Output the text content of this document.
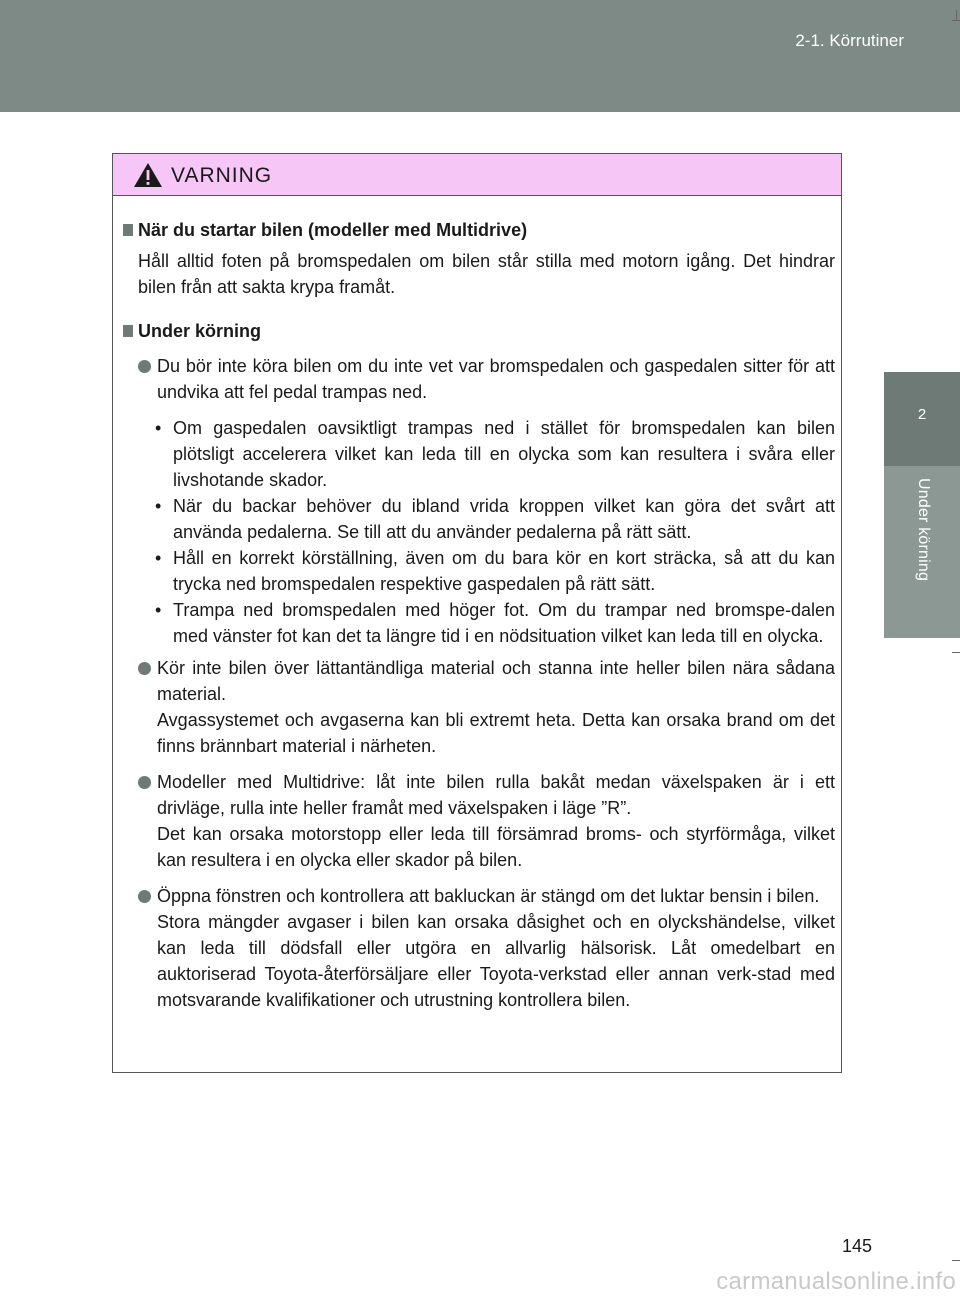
2-1. Körrutiner
2
Under körning
VARNING
När du startar bilen (modeller med Multidrive)
Håll alltid foten på bromspedalen om bilen står stilla med motorn igång. Det hindrar bilen från att sakta krypa framåt.
Under körning
Du bör inte köra bilen om du inte vet var bromspedalen och gaspedalen sitter för att undvika att fel pedal trampas ned.
• Om gaspedalen oavsiktligt trampas ned i stället för bromspedalen kan bilen plötsligt accelerera vilket kan leda till en olycka som kan resultera i svåra eller livshotande skador.
• När du backar behöver du ibland vrida kroppen vilket kan göra det svårt att använda pedalerna. Se till att du använder pedalerna på rätt sätt.
• Håll en korrekt körställning, även om du bara kör en kort sträcka, så att du kan trycka ned bromspedalen respektive gaspedalen på rätt sätt.
• Trampa ned bromspedalen med höger fot. Om du trampar ned bromspe-dalen med vänster fot kan det ta längre tid i en nödsituation vilket kan leda till en olycka.
Kör inte bilen över lättantändliga material och stanna inte heller bilen nära sådana material.
Avgassystemet och avgaserna kan bli extremt heta. Detta kan orsaka brand om det finns brännbart material i närheten.
Modeller med Multidrive: låt inte bilen rulla bakåt medan växelspaken är i ett drivläge, rulla inte heller framåt med växelspaken i läge ”R”.
Det kan orsaka motorstopp eller leda till försämrad broms- och styrförmåga, vilket kan resultera i en olycka eller skador på bilen.
Öppna fönstren och kontrollera att bakluckan är stängd om det luktar bensin i bilen.
Stora mängder avgaser i bilen kan orsaka dåsighet och en olyckshändelse, vilket kan leda till dödsfall eller utgöra en allvarlig hälsorisk. Låt omedelbart en auktoriserad Toyota-återförsäljare eller Toyota-verkstad eller annan verk-stad med motsvarande kvalifikationer och utrustning kontrollera bilen.
145
carmanualsonline.info
